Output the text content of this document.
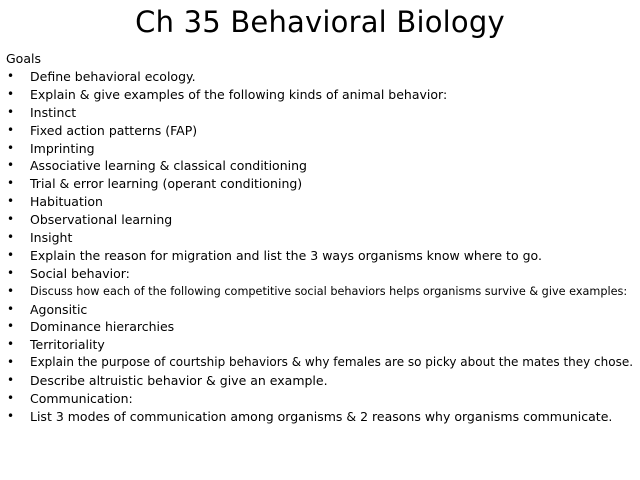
Ch 35 Behavioral Biology
Goals
• Define behavioral ecology.
• Explain & give examples of the following kinds of animal behavior:
• Instinct
• Fixed action patterns (FAP)
• Imprinting
• Associative learning & classical conditioning
• Trial & error learning (operant conditioning)
• Habituation
• Observational learning
• Insight
• Explain the reason for migration and list the 3 ways organisms know where to go.
• Social behavior:
• Discuss how each of the following competitive social behaviors helps organisms survive & give examples:
• Agonsitic
• Dominance hierarchies
• Territoriality
• Explain the purpose of courtship behaviors & why females are so picky about the mates they chose.
• Describe altruistic behavior & give an example.
• Communication:
• List 3 modes of communication among organisms & 2 reasons why organisms communicate.
